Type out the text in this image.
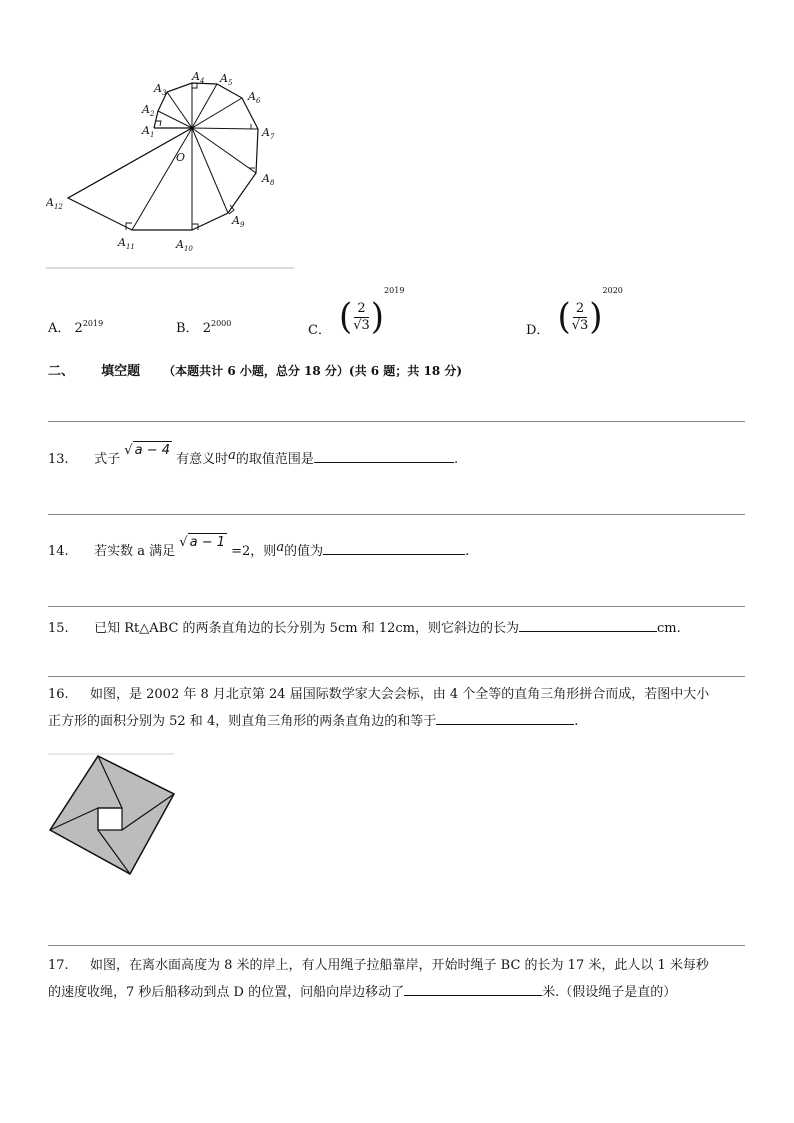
O
$A_1$
$A_2$
$A_3$
$A_4$ $A_5$
$A_6$
$A_7$
$A_8$
$A_9$
$A_{10}$
$A_{11}$
$A_{12}$
A． $2^{2019}$	B． $2^{2000}$	C． ( $\frac{2}{√3}$ )
2019
D． ( $\frac{2}{√3}$ )
2020
二、 填空题 （本题共计 6 小题，总分 18 分）(共 6 题；共 18 分)
13. 式子 √ a − 4 有意义时a的取值范围是	.
14. 若实数 a 满足 √ a − 1 =2，则a的值为	.
15. 已知 Rt△ABC 的两条直角边的长分别为 5cm 和 12cm，则它斜边的长为	cm.
16. 如图，是 2002 年 8 月北京第 24 届国际数学家大会会标，由 4 个全等的直角三角形拼合而成，若图中大小
正方形的面积分别为 52 和 4，则直角三角形的两条直角边的和等于	.
17. 如图，在离水面高度为 8 米的岸上，有人用绳子拉船靠岸，开始时绳子 BC 的长为 17 米，此人以 1 米每秒
的速度收绳，7 秒后船移动到点 D 的位置，问船向岸边移动了	米.（假设绳子是直的）
